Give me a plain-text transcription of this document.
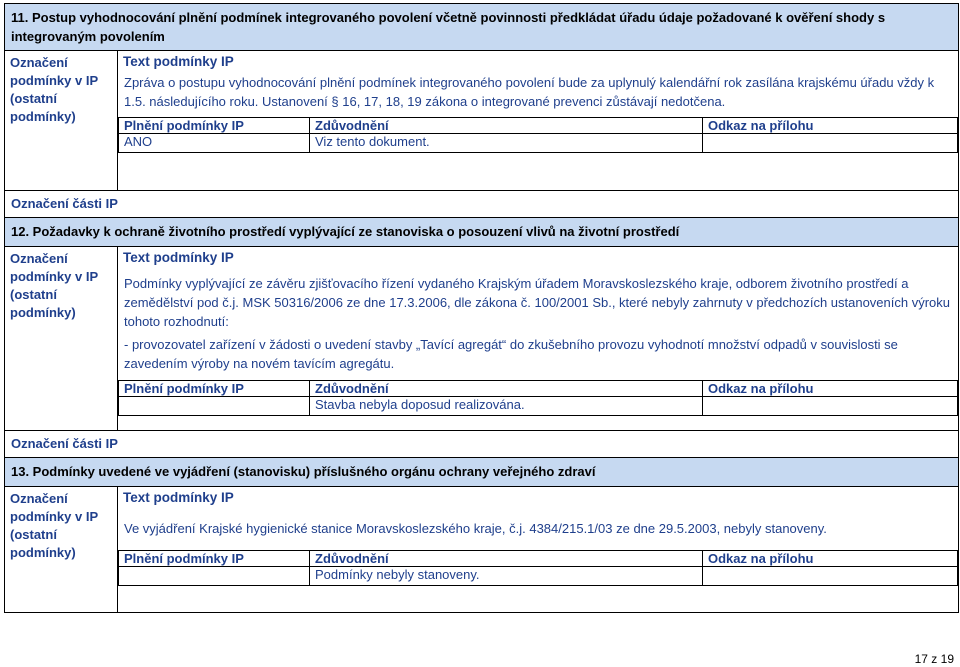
11. Postup vyhodnocování plnění podmínek integrovaného povolení včetně povinnosti předkládat úřadu údaje požadované k ověření shody s integrovaným povolením
Označení podmínky v IP (ostatní podmínky)	
Text podmínky IP
Zpráva o postupu vyhodnocování plnění podmínek integrovaného povolení bude za uplynulý kalendářní rok zasílána krajskému úřadu vždy k 1.5. následujícího roku. Ustanovení § 16, 17, 18, 19 zákona o integrované prevenci zůstávají nedotčena.
Plnění podmínky IP	Zdůvodnění	Odkaz na přílohu
ANO	Viz tento dokument.	

Označení části IP
12. Požadavky k ochraně životního prostředí vyplývající ze stanoviska o posouzení vlivů na životní prostředí
Označení podmínky v IP (ostatní podmínky)	
Text podmínky IP
Podmínky vyplývající ze závěru zjišťovacího řízení vydaného Krajským úřadem Moravskoslezského kraje, odborem životního prostředí a zemědělství pod č.j. MSK 50316/2006 ze dne 17.3.2006, dle zákona č. 100/2001 Sb., které nebyly zahrnuty v předchozích ustanoveních výroku tohoto rozhodnutí:
- provozovatel zařízení v žádosti o uvedení stavby „Tavící agregát“ do zkušebního provozu vyhodnotí množství odpadů v souvislosti se zavedením výroby na novém tavícím agregátu.
Plnění podmínky IP	Zdůvodnění	Odkaz na přílohu
	Stavba nebyla doposud realizována.	

Označení části IP
13. Podmínky uvedené ve vyjádření (stanovisku) příslušného orgánu ochrany veřejného zdraví
Označení podmínky v IP (ostatní podmínky)	
Text podmínky IP
Ve vyjádření Krajské hygienické stanice Moravskoslezského kraje, č.j. 4384/215.1/03 ze dne 29.5.2003, nebyly stanoveny.
Plnění podmínky IP	Zdůvodnění	Odkaz na přílohu
	Podmínky nebyly stanoveny.	
17 z 19
